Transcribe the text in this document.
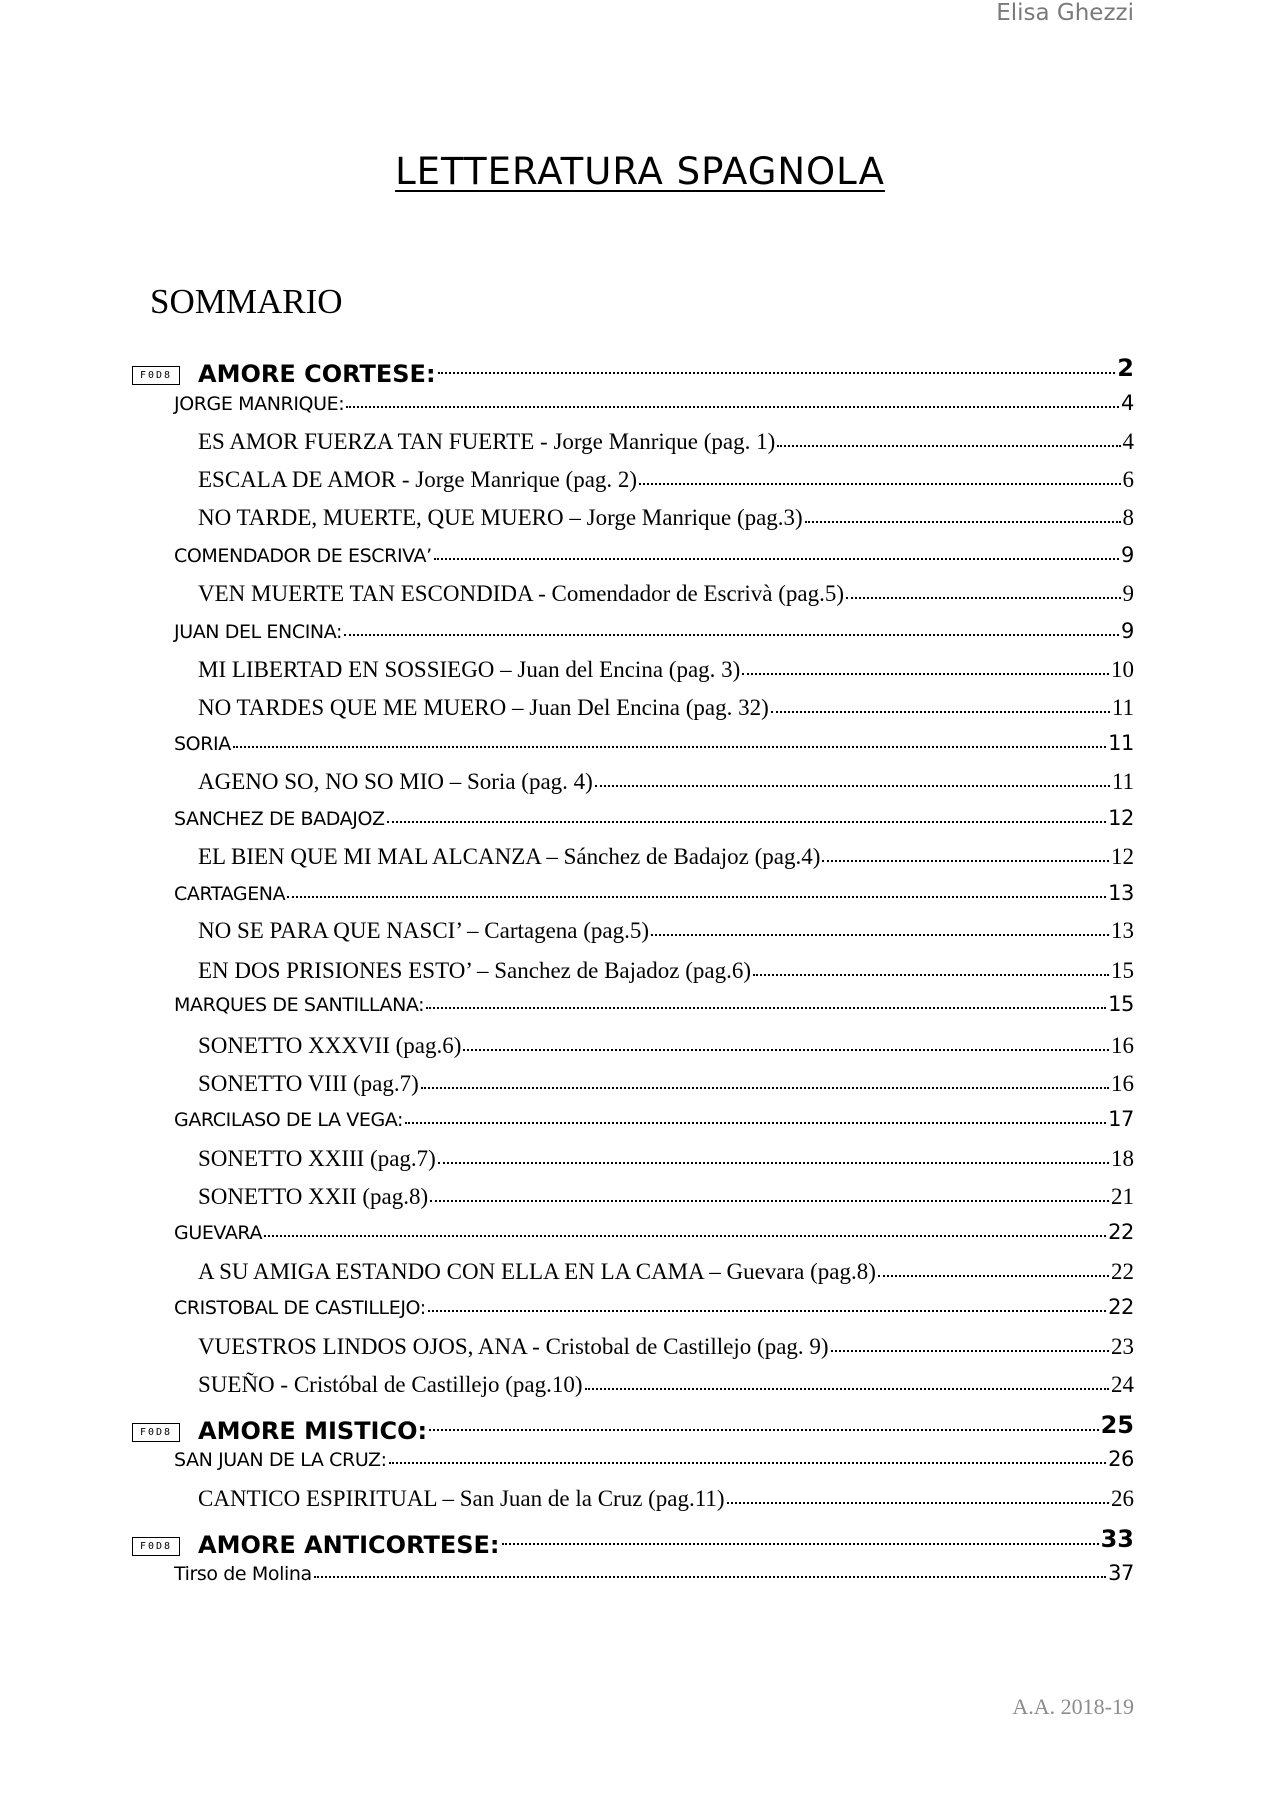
Elisa Ghezzi
LETTERATURA SPAGNOLA
SOMMARIO
F0D8	AMORE CORTESE:	2
JORGE MANRIQUE:	4
ES AMOR FUERZA TAN FUERTE - Jorge Manrique (pag. 1)	4
ESCALA DE AMOR - Jorge Manrique (pag. 2)	6
NO TARDE, MUERTE, QUE MUERO – Jorge Manrique (pag.3)	8
COMENDADOR DE ESCRIVA’	9
VEN MUERTE TAN ESCONDIDA - Comendador de Escrivà (pag.5)	9
JUAN DEL ENCINA:	9
MI LIBERTAD EN SOSSIEGO – Juan del Encina (pag. 3)	10
NO TARDES QUE ME MUERO – Juan Del Encina (pag. 32)	11
SORIA	11
AGENO SO, NO SO MIO – Soria (pag. 4)	11
SANCHEZ DE BADAJOZ	12
EL BIEN QUE MI MAL ALCANZA – Sánchez de Badajoz (pag.4)	12
CARTAGENA	13
NO SE PARA QUE NASCI’ – Cartagena (pag.5)	13
EN DOS PRISIONES ESTO’ – Sanchez de Bajadoz (pag.6)	15
MARQUES DE SANTILLANA:	15
SONETTO XXXVII (pag.6)	16
SONETTO VIII (pag.7)	16
GARCILASO DE LA VEGA:	17
SONETTO XXIII (pag.7)	18
SONETTO XXII (pag.8)	21
GUEVARA	22
A SU AMIGA ESTANDO CON ELLA EN LA CAMA – Guevara (pag.8)	22
CRISTOBAL DE CASTILLEJO:	22
VUESTROS LINDOS OJOS, ANA - Cristobal de Castillejo (pag. 9)	23
SUEÑO - Cristóbal de Castillejo (pag.10)	24
F0D8	AMORE MISTICO:	25
SAN JUAN DE LA CRUZ:	26
CANTICO ESPIRITUAL – San Juan de la Cruz (pag.11)	26
F0D8	AMORE ANTICORTESE:	33
Tirso de Molina	37
A.A. 2018-19
